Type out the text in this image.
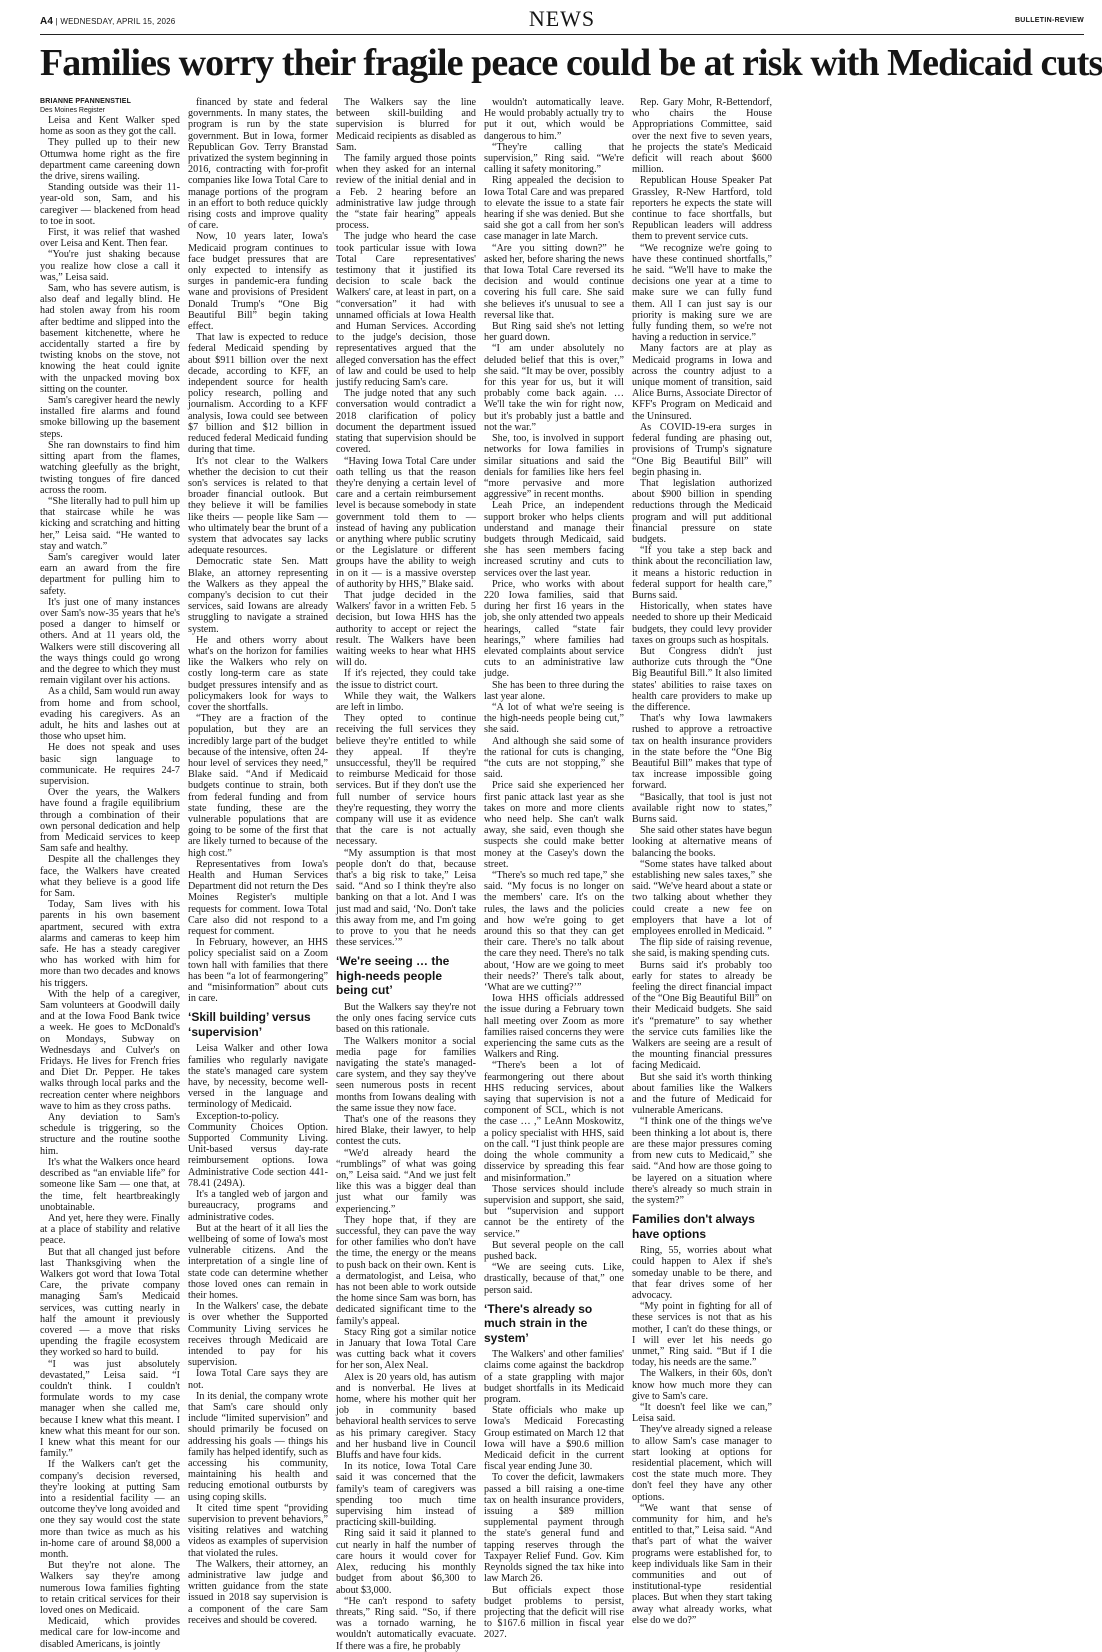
A4 | WEDNESDAY, APRIL 15, 2026	NEWS	BULLETIN-REVIEW
Families worry their fragile peace could be at risk with Medicaid cuts

BRIANNE PFANNENSTIEL
Des Moines Register

Leisa and Kent Walker sped home as soon as they got the call.

They pulled up to their new Ottumwa home right as the fire department came careening down the drive, sirens wailing.

Standing outside was their 11-year-old son, Sam, and his caregiver — blackened from head to toe in soot.

First, it was relief that washed over Leisa and Kent. Then fear.

“You're just shaking because you realize how close a call it was,” Leisa said.

Sam, who has severe autism, is also deaf and legally blind. He had stolen away from his room after bedtime and slipped into the basement kitchenette, where he accidentally started a fire by twisting knobs on the stove, not knowing the heat could ignite with the unpacked moving box sitting on the counter.

Sam's caregiver heard the newly installed fire alarms and found smoke billowing up the basement steps.

She ran downstairs to find him sitting apart from the flames, watching gleefully as the bright, twisting tongues of fire danced across the room.

“She literally had to pull him up that staircase while he was kicking and scratching and hitting her,” Leisa said. “He wanted to stay and watch.”

Sam's caregiver would later earn an award from the fire department for pulling him to safety.

It's just one of many instances over Sam's now-35 years that he's posed a danger to himself or others. And at 11 years old, the Walkers were still discovering all the ways things could go wrong and the degree to which they must remain vigilant over his actions.

As a child, Sam would run away from home and from school, evading his caregivers. As an adult, he hits and lashes out at those who upset him.

He does not speak and uses basic sign language to communicate. He requires 24-7 supervision.

Over the years, the Walkers have found a fragile equilibrium through a combination of their own personal dedication and help from Medicaid services to keep Sam safe and healthy.

Despite all the challenges they face, the Walkers have created what they believe is a good life for Sam.

Today, Sam lives with his parents in his own basement apartment, secured with extra alarms and cameras to keep him safe. He has a steady caregiver who has worked with him for more than two decades and knows his triggers.

With the help of a caregiver, Sam volunteers at Goodwill daily and at the Iowa Food Bank twice a week. He goes to McDonald's on Mondays, Subway on Wednesdays and Culver's on Fridays. He lives for French fries and Diet Dr. Pepper. He takes walks through local parks and the recreation center where neighbors wave to him as they cross paths.

Any deviation to Sam's schedule is triggering, so the structure and the routine soothe him.

It's what the Walkers once heard described as “an enviable life” for someone like Sam — one that, at the time, felt heartbreakingly unobtainable.

And yet, here they were. Finally at a place of stability and relative peace.

But that all changed just before last Thanksgiving when the Walkers got word that Iowa Total Care, the private company managing Sam's Medicaid services, was cutting nearly in half the amount it previously covered — a move that risks upending the fragile ecosystem they worked so hard to build.

“I was just absolutely devastated,” Leisa said. “I couldn't think. I couldn't formulate words to my case manager when she called me, because I knew what this meant. I knew what this meant for our son. I knew what this meant for our family.”

If the Walkers can't get the company's decision reversed, they're looking at putting Sam into a residential facility — an outcome they've long avoided and one they say would cost the state more than twice as much as his in-home care of around $8,000 a month.

But they're not alone. The Walkers say they're among numerous Iowa families fighting to retain critical services for their loved ones on Medicaid.

Medicaid, which provides medical care for low-income and disabled Americans, is jointly

financed by state and federal governments. In many states, the program is run by the state government. But in Iowa, former Republican Gov. Terry Branstad privatized the system beginning in 2016, contracting with for-profit companies like Iowa Total Care to manage portions of the program in an effort to both reduce quickly rising costs and improve quality of care.

Now, 10 years later, Iowa's Medicaid program continues to face budget pressures that are only expected to intensify as surges in pandemic-era funding wane and provisions of President Donald Trump's “One Big Beautiful Bill” begin taking effect.

That law is expected to reduce federal Medicaid spending by about $911 billion over the next decade, according to KFF, an independent source for health policy research, polling and journalism. According to a KFF analysis, Iowa could see between $7 billion and $12 billion in reduced federal Medicaid funding during that time.

It's not clear to the Walkers whether the decision to cut their son's services is related to that broader financial outlook. But they believe it will be families like theirs — people like Sam — who ultimately bear the brunt of a system that advocates say lacks adequate resources.

Democratic state Sen. Matt Blake, an attorney representing the Walkers as they appeal the company's decision to cut their services, said Iowans are already struggling to navigate a strained system.

He and others worry about what's on the horizon for families like the Walkers who rely on costly long-term care as state budget pressures intensify and as policymakers look for ways to cover the shortfalls.

“They are a fraction of the population, but they are an incredibly large part of the budget because of the intensive, often 24-hour level of services they need,” Blake said. “And if Medicaid budgets continue to strain, both from federal funding and from state funding, these are the vulnerable populations that are going to be some of the first that are likely turned to because of the high cost.”

Representatives from Iowa's Health and Human Services Department did not return the Des Moines Register's multiple requests for comment. Iowa Total Care also did not respond to a request for comment.

In February, however, an HHS policy specialist said on a Zoom town hall with families that there has been “a lot of fearmongering” and “misinformation” about cuts in care.

‘Skill building’ versus ‘supervision’

Leisa Walker and other Iowa families who regularly navigate the state's managed care system have, by necessity, become well-versed in the language and terminology of Medicaid.

Exception-to-policy. Community Choices Option. Supported Community Living. Unit-based versus day-rate reimbursement options. Iowa Administrative Code section 441-78.41 (249A).

It's a tangled web of jargon and bureaucracy, programs and administrative codes.

But at the heart of it all lies the wellbeing of some of Iowa's most vulnerable citizens. And the interpretation of a single line of state code can determine whether those loved ones can remain in their homes.

In the Walkers' case, the debate is over whether the Supported Community Living services he receives through Medicaid are intended to pay for his supervision.

Iowa Total Care says they are not.

In its denial, the company wrote that Sam's care should only include “limited supervision” and should primarily be focused on addressing his goals — things his family has helped identify, such as accessing his community, maintaining his health and reducing emotional outbursts by using coping skills.

It cited time spent “providing supervision to prevent behaviors,” visiting relatives and watching videos as examples of supervision that violated the rules.

The Walkers, their attorney, an administrative law judge and written guidance from the state issued in 2018 say supervision is a component of the care Sam receives and should be covered.

The Walkers say the line between skill-building and supervision is blurred for Medicaid recipients as disabled as Sam.

The family argued those points when they asked for an internal review of the initial denial and in a Feb. 2 hearing before an administrative law judge through the “state fair hearing” appeals process.

The judge who heard the case took particular issue with Iowa Total Care representatives' testimony that it justified its decision to scale back the Walkers' care, at least in part, on a “conversation” it had with unnamed officials at Iowa Health and Human Services. According to the judge's decision, those representatives argued that the alleged conversation has the effect of law and could be used to help justify reducing Sam's care.

The judge noted that any such conversation would contradict a 2018 clarification of policy document the department issued stating that supervision should be covered.

“Having Iowa Total Care under oath telling us that the reason they're denying a certain level of care and a certain reimbursement level is because somebody in state government told them to — instead of having any publication or anything where public scrutiny or the Legislature or different groups have the ability to weigh in on it — is a massive overstep of authority by HHS,” Blake said.

That judge decided in the Walkers' favor in a written Feb. 5 decision, but Iowa HHS has the authority to accept or reject the result. The Walkers have been waiting weeks to hear what HHS will do.

If it's rejected, they could take the issue to district court.

While they wait, the Walkers are left in limbo.

They opted to continue receiving the full services they believe they're entitled to while they appeal. If they're unsuccessful, they'll be required to reimburse Medicaid for those services. But if they don't use the full number of service hours they're requesting, they worry the company will use it as evidence that the care is not actually necessary.

“My assumption is that most people don't do that, because that's a big risk to take,” Leisa said. “And so I think they're also banking on that a lot. And I was just mad and said, ‘No. Don't take this away from me, and I'm going to prove to you that he needs these services.’”

‘We're seeing … the high-needs people being cut’

But the Walkers say they're not the only ones facing service cuts based on this rationale.

The Walkers monitor a social media page for families navigating the state's managed-care system, and they say they've seen numerous posts in recent months from Iowans dealing with the same issue they now face.

That's one of the reasons they hired Blake, their lawyer, to help contest the cuts.

“We'd already heard the “rumblings” of what was going on,” Leisa said. “And we just felt like this was a bigger deal than just what our family was experiencing.”

They hope that, if they are successful, they can pave the way for other families who don't have the time, the energy or the means to push back on their own. Kent is a dermatologist, and Leisa, who has not been able to work outside the home since Sam was born, has dedicated significant time to the family's appeal.

Stacy Ring got a similar notice in January that Iowa Total Care was cutting back what it covers for her son, Alex Neal.

Alex is 20 years old, has autism and is nonverbal. He lives at home, where his mother quit her job in community based behavioral health services to serve as his primary caregiver. Stacy and her husband live in Council Bluffs and have four kids.

In its notice, Iowa Total Care said it was concerned that the family's team of caregivers was spending too much time supervising him instead of practicing skill-building.

Ring said it said it planned to cut nearly in half the number of care hours it would cover for Alex, reducing his monthly budget from about $6,300 to about $3,000.

“He can't respond to safety threats,” Ring said. “So, if there was a tornado warning, he wouldn't automatically evacuate. If there was a fire, he probably

wouldn't automatically leave. He would probably actually try to put it out, which would be dangerous to him.”

“They're calling that supervision,” Ring said. “We're calling it safety monitoring.”

Ring appealed the decision to Iowa Total Care and was prepared to elevate the issue to a state fair hearing if she was denied. But she said she got a call from her son's case manager in late March.

“Are you sitting down?” he asked her, before sharing the news that Iowa Total Care reversed its decision and would continue covering his full care. She said she believes it's unusual to see a reversal like that.

But Ring said she's not letting her guard down.

“I am under absolutely no deluded belief that this is over,” she said. “It may be over, possibly for this year for us, but it will probably come back again. … We'll take the win for right now, but it's probably just a battle and not the war.”

She, too, is involved in support networks for Iowa families in similar situations and said the denials for families like hers feel “more pervasive and more aggressive” in recent months.

Leah Price, an independent support broker who helps clients understand and manage their budgets through Medicaid, said she has seen members facing increased scrutiny and cuts to services over the last year.

Price, who works with about 220 Iowa families, said that during her first 16 years in the job, she only attended two appeals hearings, called “state fair hearings,” where families had elevated complaints about service cuts to an administrative law judge.

She has been to three during the last year alone.

“A lot of what we're seeing is the high-needs people being cut,” she said.

And although she said some of the rational for cuts is changing, “the cuts are not stopping,” she said.

Price said she experienced her first panic attack last year as she takes on more and more clients who need help. She can't walk away, she said, even though she suspects she could make better money at the Casey's down the street.

“There's so much red tape,” she said. “My focus is no longer on the members' care. It's on the rules, the laws and the policies and how we're going to get around this so that they can get their care. There's no talk about the care they need. There's no talk about, ‘How are we going to meet their needs?’ There's talk about, ‘What are we cutting?’”

Iowa HHS officials addressed the issue during a February town hall meeting over Zoom as more families raised concerns they were experiencing the same cuts as the Walkers and Ring.

“There's been a lot of fearmongering out there about HHS reducing services, about saying that supervision is not a component of SCL, which is not the case … ,” LeAnn Moskowitz, a policy specialist with HHS, said on the call. “I just think people are doing the whole community a disservice by spreading this fear and misinformation.”

Those services should include supervision and support, she said, but “supervision and support cannot be the entirety of the service.”

But several people on the call pushed back.

“We are seeing cuts. Like, drastically, because of that,” one person said.

‘There's already so much strain in the system’

The Walkers' and other families' claims come against the backdrop of a state grappling with major budget shortfalls in its Medicaid program.

State officials who make up Iowa's Medicaid Forecasting Group estimated on March 12 that Iowa will have a $90.6 million Medicaid deficit in the current fiscal year ending June 30.

To cover the deficit, lawmakers passed a bill raising a one-time tax on health insurance providers, issuing a $89 million supplemental payment through the state's general fund and tapping reserves through the Taxpayer Relief Fund. Gov. Kim Reynolds signed the tax hike into law March 26.

But officials expect those budget problems to persist, projecting that the deficit will rise to $167.6 million in fiscal year 2027.

Rep. Gary Mohr, R-Bettendorf, who chairs the House Appropriations Committee, said over the next five to seven years, he projects the state's Medicaid deficit will reach about $600 million.

Republican House Speaker Pat Grassley, R-New Hartford, told reporters he expects the state will continue to face shortfalls, but Republican leaders will address them to prevent service cuts.

“We recognize we're going to have these continued shortfalls,” he said. “We'll have to make the decisions one year at a time to make sure we can fully fund them. All I can just say is our priority is making sure we are fully funding them, so we're not having a reduction in service.”

Many factors are at play as Medicaid programs in Iowa and across the country adjust to a unique moment of transition, said Alice Burns, Associate Director of KFF's Program on Medicaid and the Uninsured.

As COVID-19-era surges in federal funding are phasing out, provisions of Trump's signature “One Big Beautiful Bill” will begin phasing in.

That legislation authorized about $900 billion in spending reductions through the Medicaid program and will put additional financial pressure on state budgets.

“If you take a step back and think about the reconciliation law, it means a historic reduction in federal support for health care,” Burns said.

Historically, when states have needed to shore up their Medicaid budgets, they could levy provider taxes on groups such as hospitals.

But Congress didn't just authorize cuts through the “One Big Beautiful Bill.” It also limited states' abilities to raise taxes on health care providers to make up the difference.

That's why Iowa lawmakers rushed to approve a retroactive tax on health insurance providers in the state before the “One Big Beautiful Bill” makes that type of tax increase impossible going forward.

“Basically, that tool is just not available right now to states,” Burns said.

She said other states have begun looking at alternative means of balancing the books.

“Some states have talked about establishing new sales taxes,” she said. “We've heard about a state or two talking about whether they could create a new fee on employers that have a lot of employees enrolled in Medicaid. ”

The flip side of raising revenue, she said, is making spending cuts.

Burns said it's probably too early for states to already be feeling the direct financial impact of the “One Big Beautiful Bill” on their Medicaid budgets. She said it's “premature” to say whether the service cuts families like the Walkers are seeing are a result of the mounting financial pressures facing Medicaid.

But she said it's worth thinking about families like the Walkers and the future of Medicaid for vulnerable Americans.

“I think one of the things we've been thinking a lot about is, there are these major pressures coming from new cuts to Medicaid,” she said. “And how are those going to be layered on a situation where there's already so much strain in the system?”

Families don't always have options

Ring, 55, worries about what could happen to Alex if she's someday unable to be there, and that fear drives some of her advocacy.

“My point in fighting for all of these services is not that as his mother, I can't do these things, or I will ever let his needs go unmet,” Ring said. “But if I die today, his needs are the same.”

The Walkers, in their 60s, don't know how much more they can give to Sam's care.

“It doesn't feel like we can,” Leisa said.

They've already signed a release to allow Sam's case manager to start looking at options for residential placement, which will cost the state much more. They don't feel they have any other options.

“We want that sense of community for him, and he's entitled to that,” Leisa said. “And that's part of what the waiver programs were established for, to keep individuals like Sam in their communities and out of institutional-type residential places. But when they start taking away what already works, what else do we do?”
